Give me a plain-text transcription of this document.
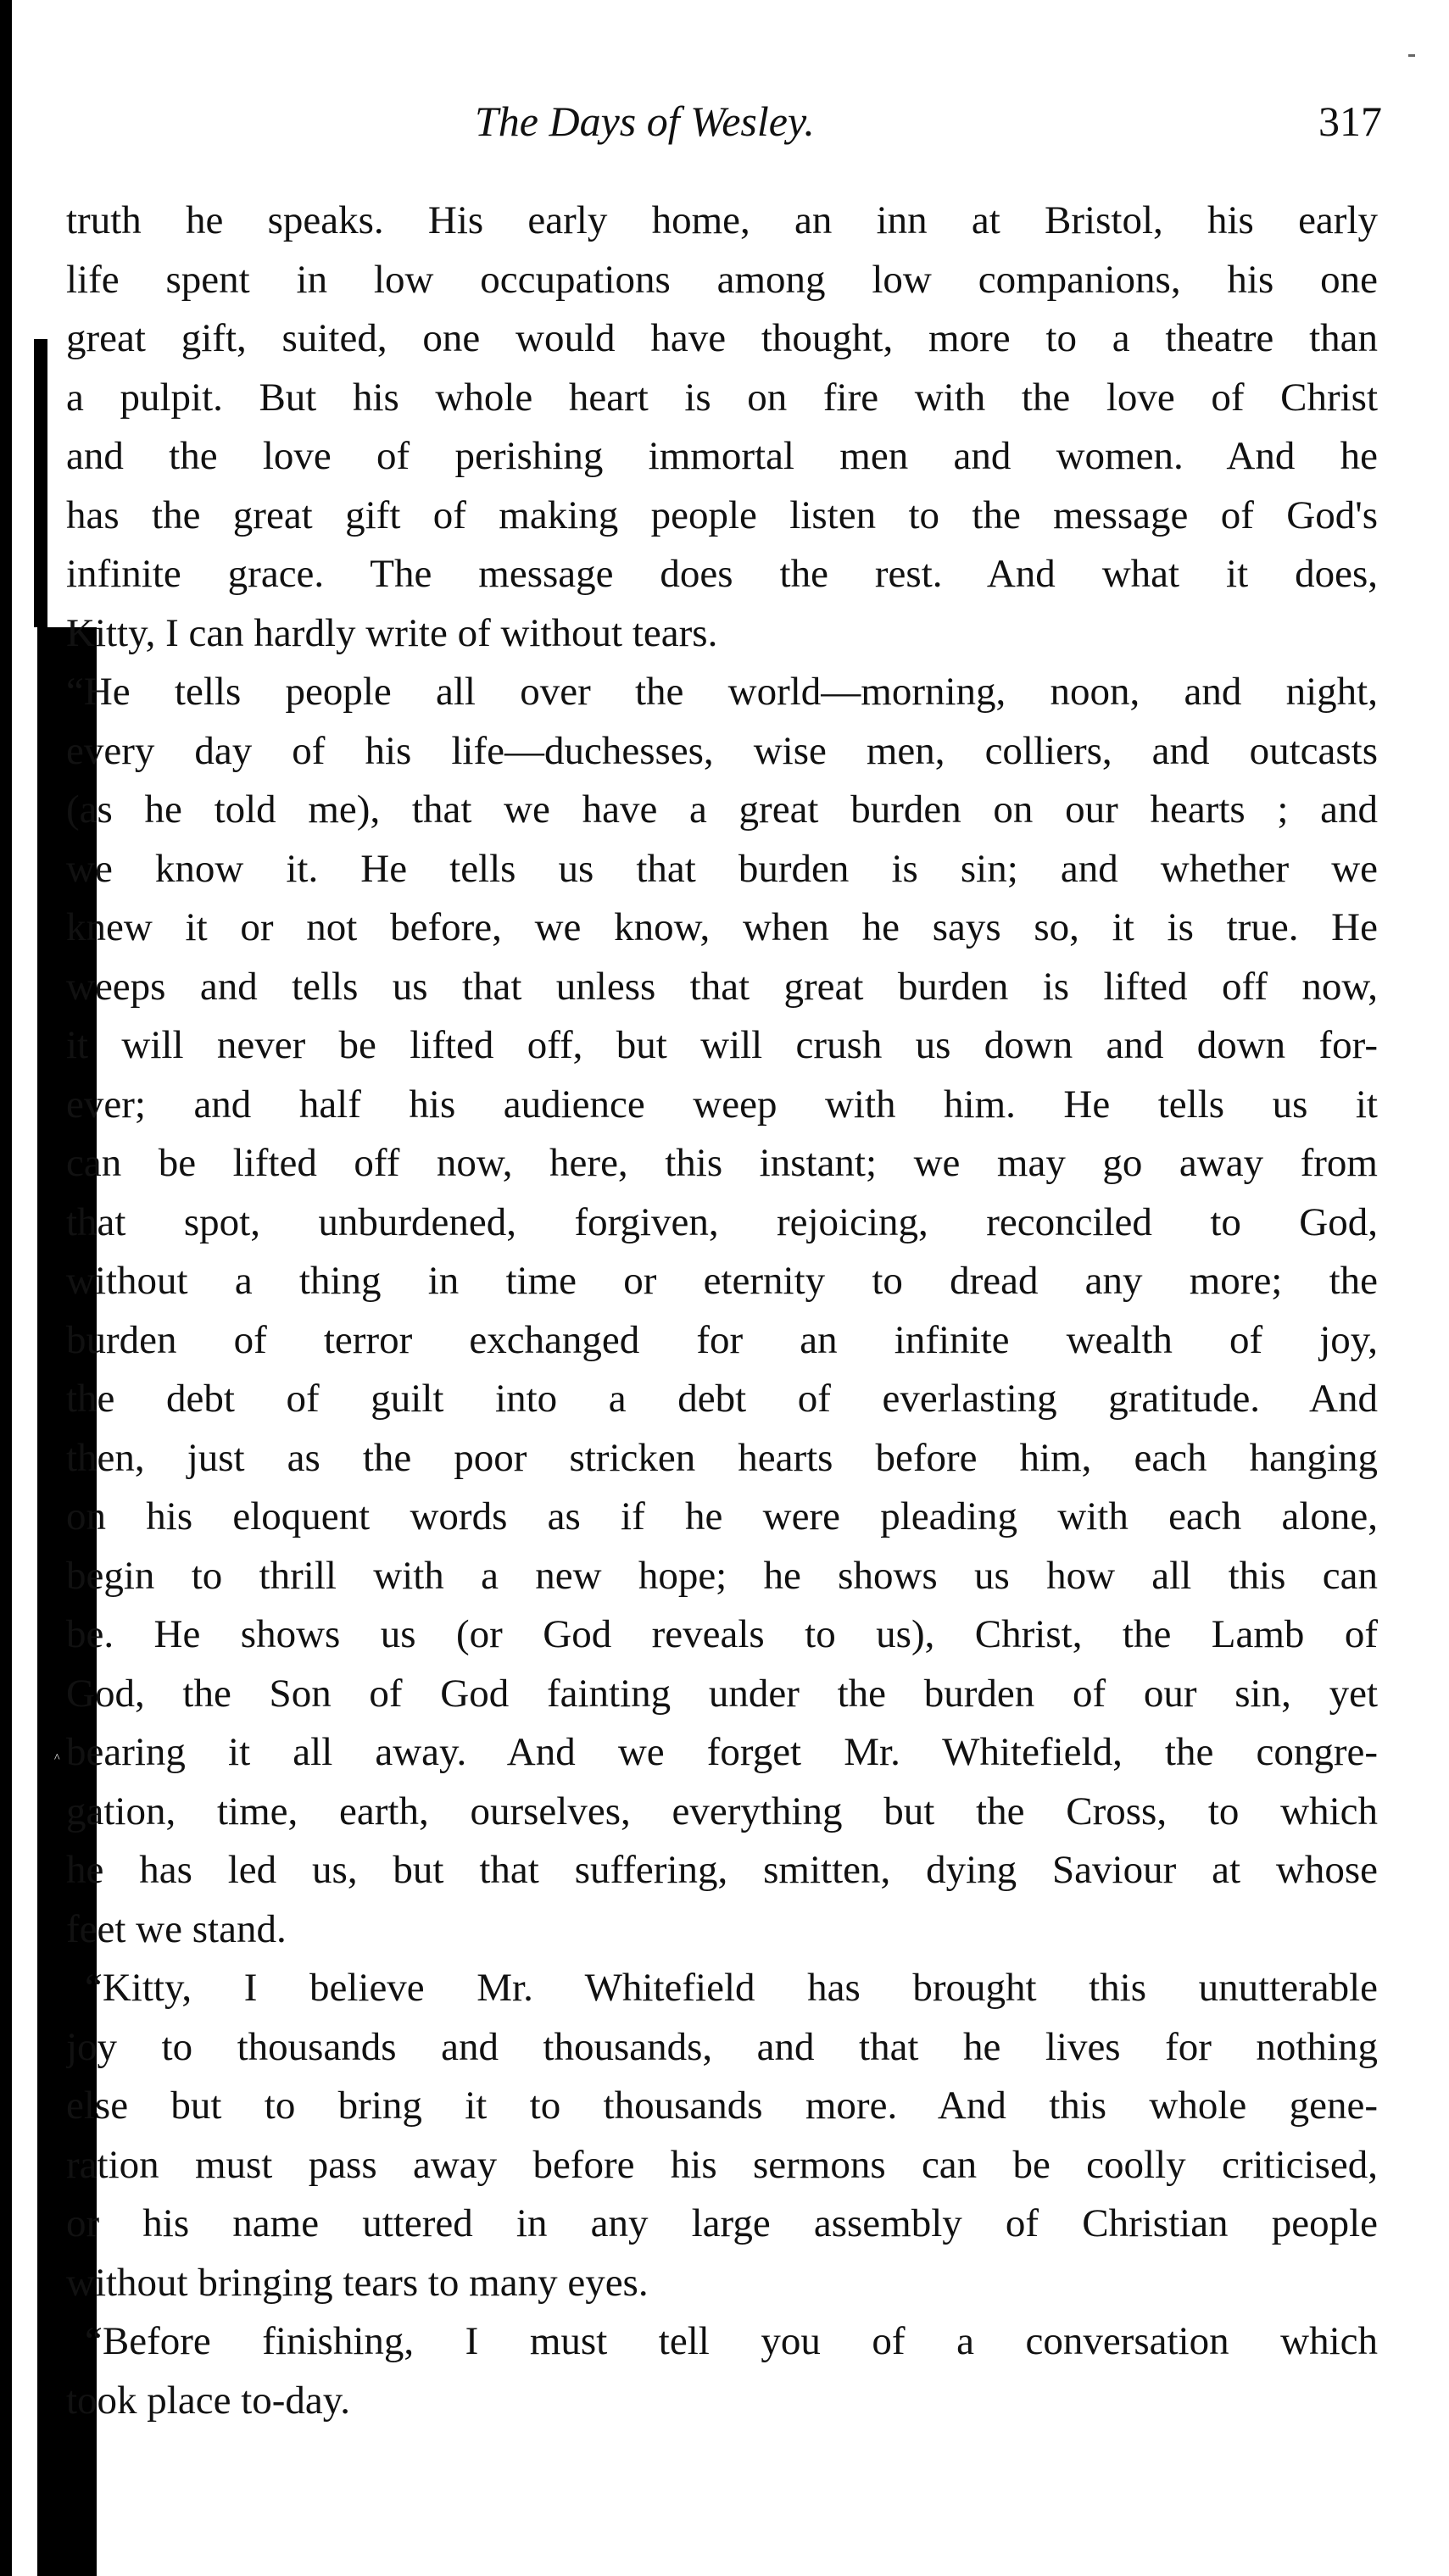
^
The Days of Wesley.	317
truth he speaks. His early home, an inn at Bristol, his early
life spent in low occupations among low companions, his one
great gift, suited, one would have thought, more to a theatre than
a pulpit. But his whole heart is on fire with the love of Christ
and the love of perishing immortal men and women. And he
has the great gift of making people listen to the message of God's
infinite grace. The message does the rest. And what it does,
Kitty, I can hardly write of without tears.
“He tells people all over the world—morning, noon, and night,
every day of his life—duchesses, wise men, colliers, and outcasts
(as he told me), that we have a great burden on our hearts ; and
we know it. He tells us that burden is sin; and whether we
knew it or not before, we know, when he says so, it is true. He
weeps and tells us that unless that great burden is lifted off now,
it will never be lifted off, but will crush us down and down for-
ever; and half his audience weep with him. He tells us it
can be lifted off now, here, this instant; we may go away from
that spot, unburdened, forgiven, rejoicing, reconciled to God,
without a thing in time or eternity to dread any more; the
burden of terror exchanged for an infinite wealth of joy,
the debt of guilt into a debt of everlasting gratitude. And
then, just as the poor stricken hearts before him, each hanging
on his eloquent words as if he were pleading with each alone,
begin to thrill with a new hope; he shows us how all this can
be. He shows us (or God reveals to us), Christ, the Lamb of
God, the Son of God fainting under the burden of our sin, yet
bearing it all away. And we forget Mr. Whitefield, the congre-
gation, time, earth, ourselves, everything but the Cross, to which
he has led us, but that suffering, smitten, dying Saviour at whose
feet we stand.
“Kitty, I believe Mr. Whitefield has brought this unutterable
joy to thousands and thousands, and that he lives for nothing
else but to bring it to thousands more. And this whole gene-
ration must pass away before his sermons can be coolly criticised,
or his name uttered in any large assembly of Christian people
without bringing tears to many eyes.
“Before finishing, I must tell you of a conversation which
took place to-day.
